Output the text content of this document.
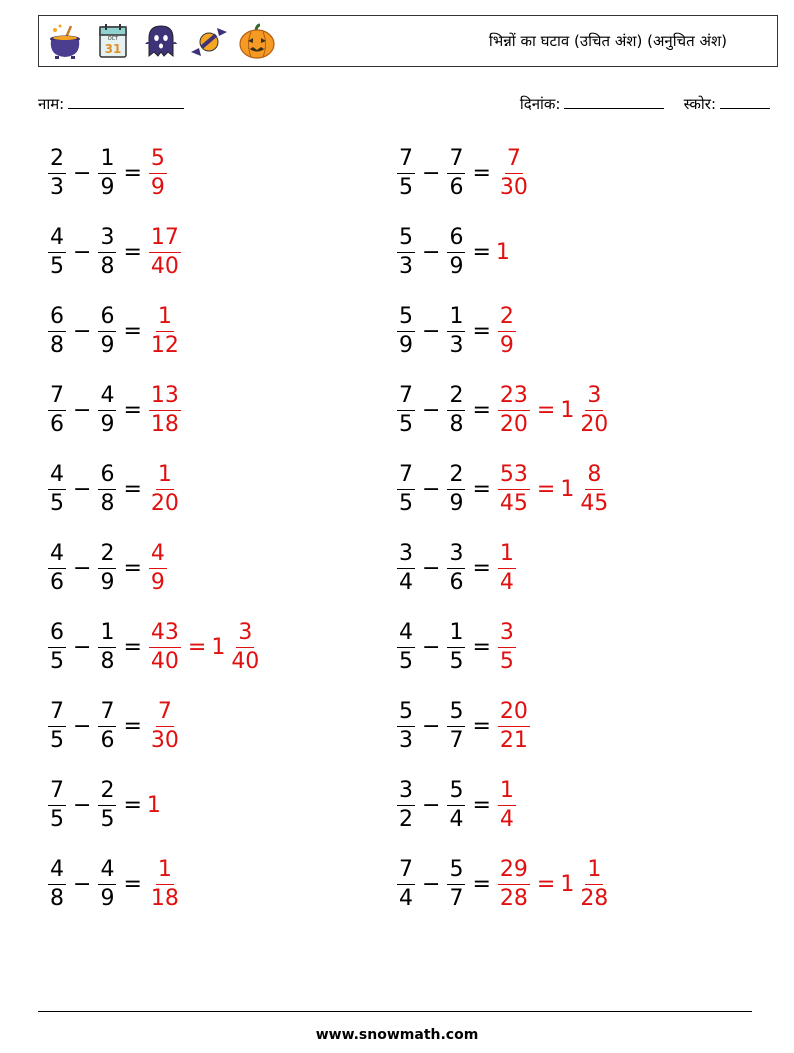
OCT
31	भिन्नों का घटाव (उचित अंश) (अनुचित अंश)
नाम:	दिनांक:	स्कोर:
$\frac{2}{3} - \frac{1}{9} = \frac{5}{9}$
$\frac{4}{5} - \frac{3}{8} = \frac{17}{40}$
$\frac{6}{8} - \frac{6}{9} = \frac{1}{12}$
$\frac{7}{6} - \frac{4}{9} = \frac{13}{18}$
$\frac{4}{5} - \frac{6}{8} = \frac{1}{20}$
$\frac{4}{6} - \frac{2}{9} = \frac{4}{9}$
$\frac{6}{5} - \frac{1}{8} = \frac{43}{40} = 1 \frac{3}{40}$
$\frac{7}{5} - \frac{7}{6} = \frac{7}{30}$
$\frac{7}{5} - \frac{2}{5} = 1$
$\frac{4}{8} - \frac{4}{9} = \frac{1}{18}$
$\frac{7}{5} - \frac{7}{6} = \frac{7}{30}$
$\frac{5}{3} - \frac{6}{9} = 1$
$\frac{5}{9} - \frac{1}{3} = \frac{2}{9}$
$\frac{7}{5} - \frac{2}{8} = \frac{23}{20} = 1 \frac{3}{20}$
$\frac{7}{5} - \frac{2}{9} = \frac{53}{45} = 1 \frac{8}{45}$
$\frac{3}{4} - \frac{3}{6} = \frac{1}{4}$
$\frac{4}{5} - \frac{1}{5} = \frac{3}{5}$
$\frac{5}{3} - \frac{5}{7} = \frac{20}{21}$
$\frac{3}{2} - \frac{5}{4} = \frac{1}{4}$
$\frac{7}{4} - \frac{5}{7} = \frac{29}{28} = 1 \frac{1}{28}$
www.snowmath.com
